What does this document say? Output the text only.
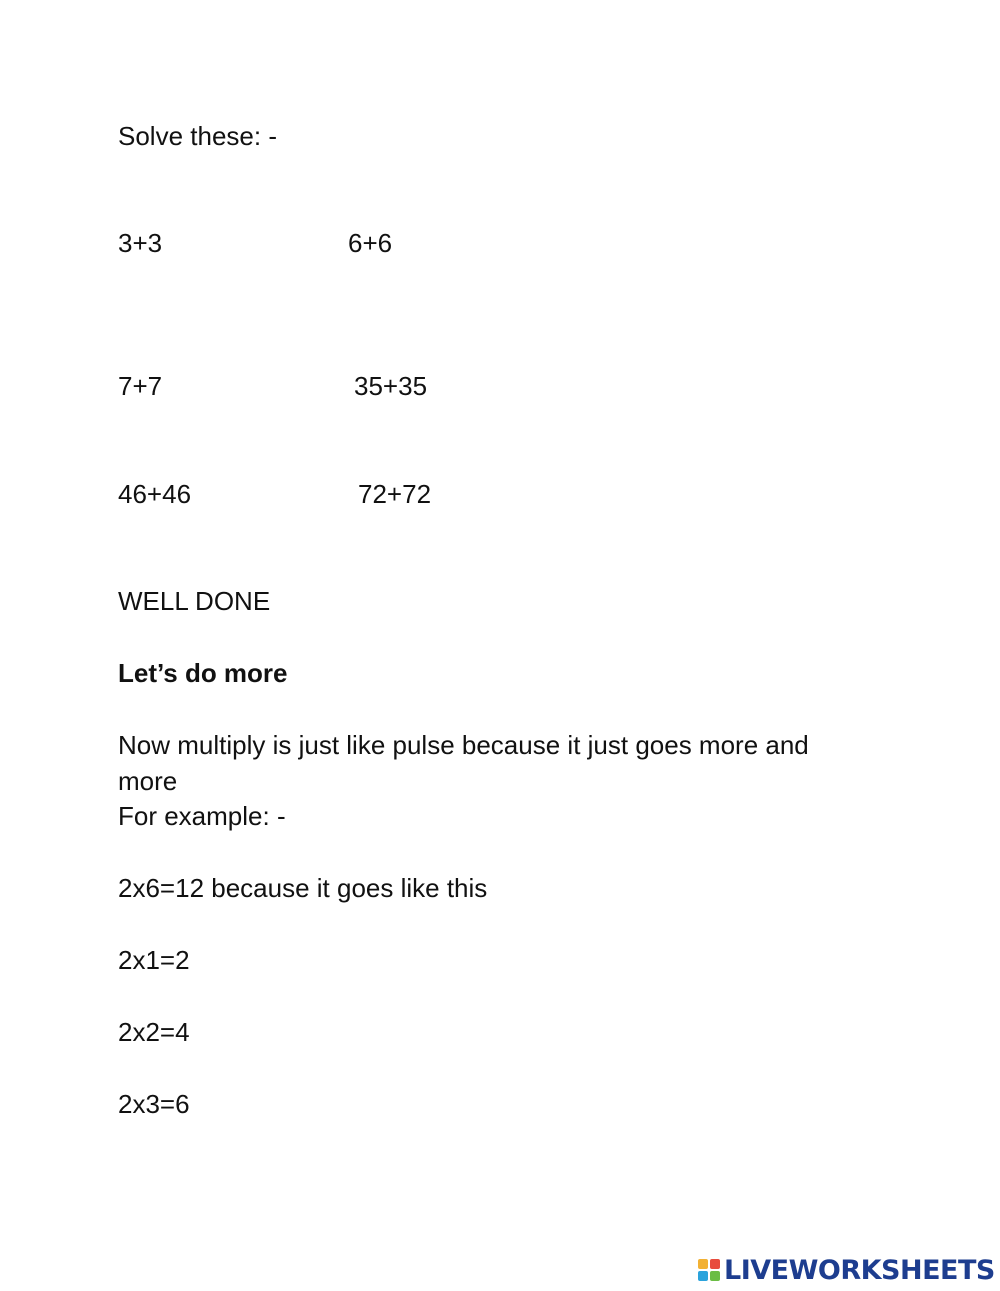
Solve these: -
3+3	6+6
7+7	35+35
46+46	72+72
WELL DONE
Let’s do more
Now multiply is just like pulse because it just goes more and more
For example: -
2x6=12 because it goes like this
2x1=2
2x2=4
2x3=6
LIVEWORKSHEETS
